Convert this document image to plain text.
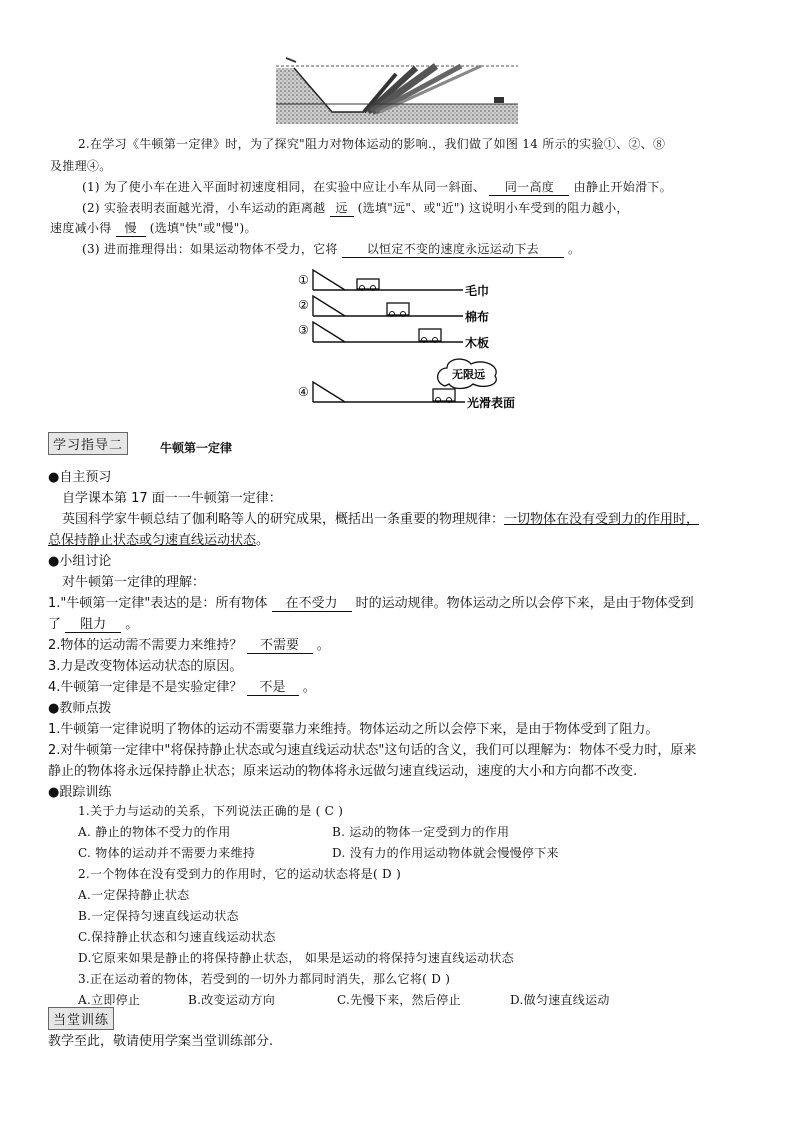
2.在学习《牛顿第一定律》时，为了探究"阻力对物体运动的影响.，我们做了如图 14 所示的实验①、②、⑧
及推理④。
(1) 为了使小车在进入平面时初速度相同，在实验中应让小车从同一斜面、 同一高度 由静止开始滑下。
(2) 实验表明表面越光滑，小车运动的距离越 远 (选填"远"、或"近") 这说明小车受到的阻力越小，
速度减小得 慢 (选填"快"或"慢")。
(3) 进而推理得出：如果运动物体不受力，它将 以恒定不变的速度永远运动下去 。
①
毛巾
②
棉布
③
木板
④
无限远
光滑表面
学习指导二	牛顿第一定律
●自主预习
自学课本第 17 面一一牛顿第一定律：
英国科学家牛顿总结了伽利略等人的研究成果，概括出一条重要的物理规律：一切物体在没有受到力的作用时，
总保持静止状态或匀速直线运动状态。
●小组讨论
对牛顿第一定律的理解：
1."牛顿第一定律"表达的是：所有物体 在不受力 时的运动规律。物体运动之所以会停下来，是由于物体受到
了 阻力 。
2.物体的运动需不需要力来维持？ 不需要 。
3.力是改变物体运动状态的原因。
4.牛顿第一定律是不是实验定律？ 不是 。
●教师点拨
1.牛顿第一定律说明了物体的运动不需要靠力来维持。物体运动之所以会停下来，是由于物体受到了阻力。
2.对牛顿第一定律中"将保持静止状态或匀速直线运动状态"这句话的含义，我们可以理解为：物体不受力时，原来
静止的物体将永远保持静止状态；原来运动的物体将永远做匀速直线运动，速度的大小和方向都不改变.
●跟踪训练
1.关于力与运动的关系，下列说法正确的是 ( C )
A. 静止的物体不受力的作用	B. 运动的物体一定受到力的作用
C. 物体的运动并不需要力来维持	D. 没有力的作用运动物体就会慢慢停下来
2.一个物体在没有受到力的作用时，它的运动状态将是( D )
A.一定保持静止状态
B.一定保持匀速直线运动状态
C.保持静止状态和匀速直线运动状态
D.它原来如果是静止的将保持静止状态， 如果是运动的将保持匀速直线运动状态
3.正在运动着的物体，若受到的一切外力都同时消失，那么它将( D )
A.立即停止	B.改变运动方向	C.先慢下来，然后停止	D.做匀速直线运动
当堂训练
教学至此，敬请使用学案当堂训练部分.
